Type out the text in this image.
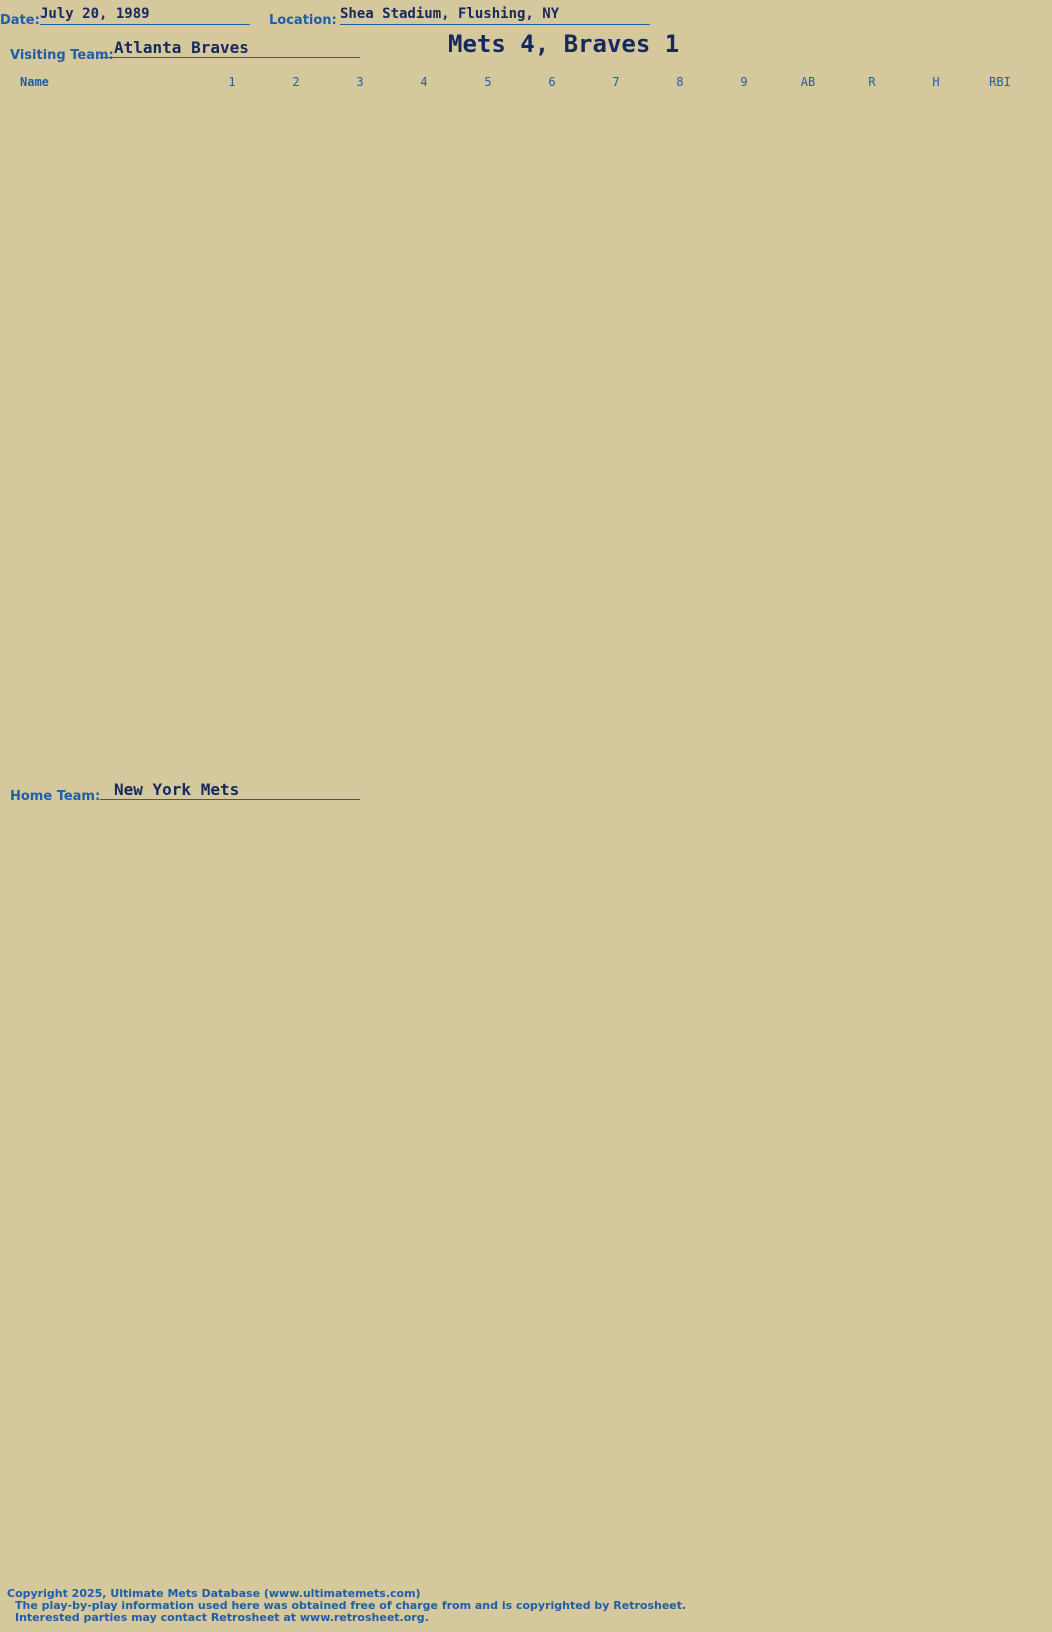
Date: July 20, 1989	Location: Shea Stadium, Flushing, NY
Mets 4, Braves 1
Visiting Team: Atlanta Braves
Name	1	2	3	4	5	6	7	8	9	AB	R	H	RBI
Home Team: New York Mets
Copyright 2025, Ultimate Mets Database (www.ultimatemets.com)
The play-by-play information used here was obtained free of charge from and is copyrighted by Retrosheet.
Interested parties may contact Retrosheet at www.retrosheet.org.
